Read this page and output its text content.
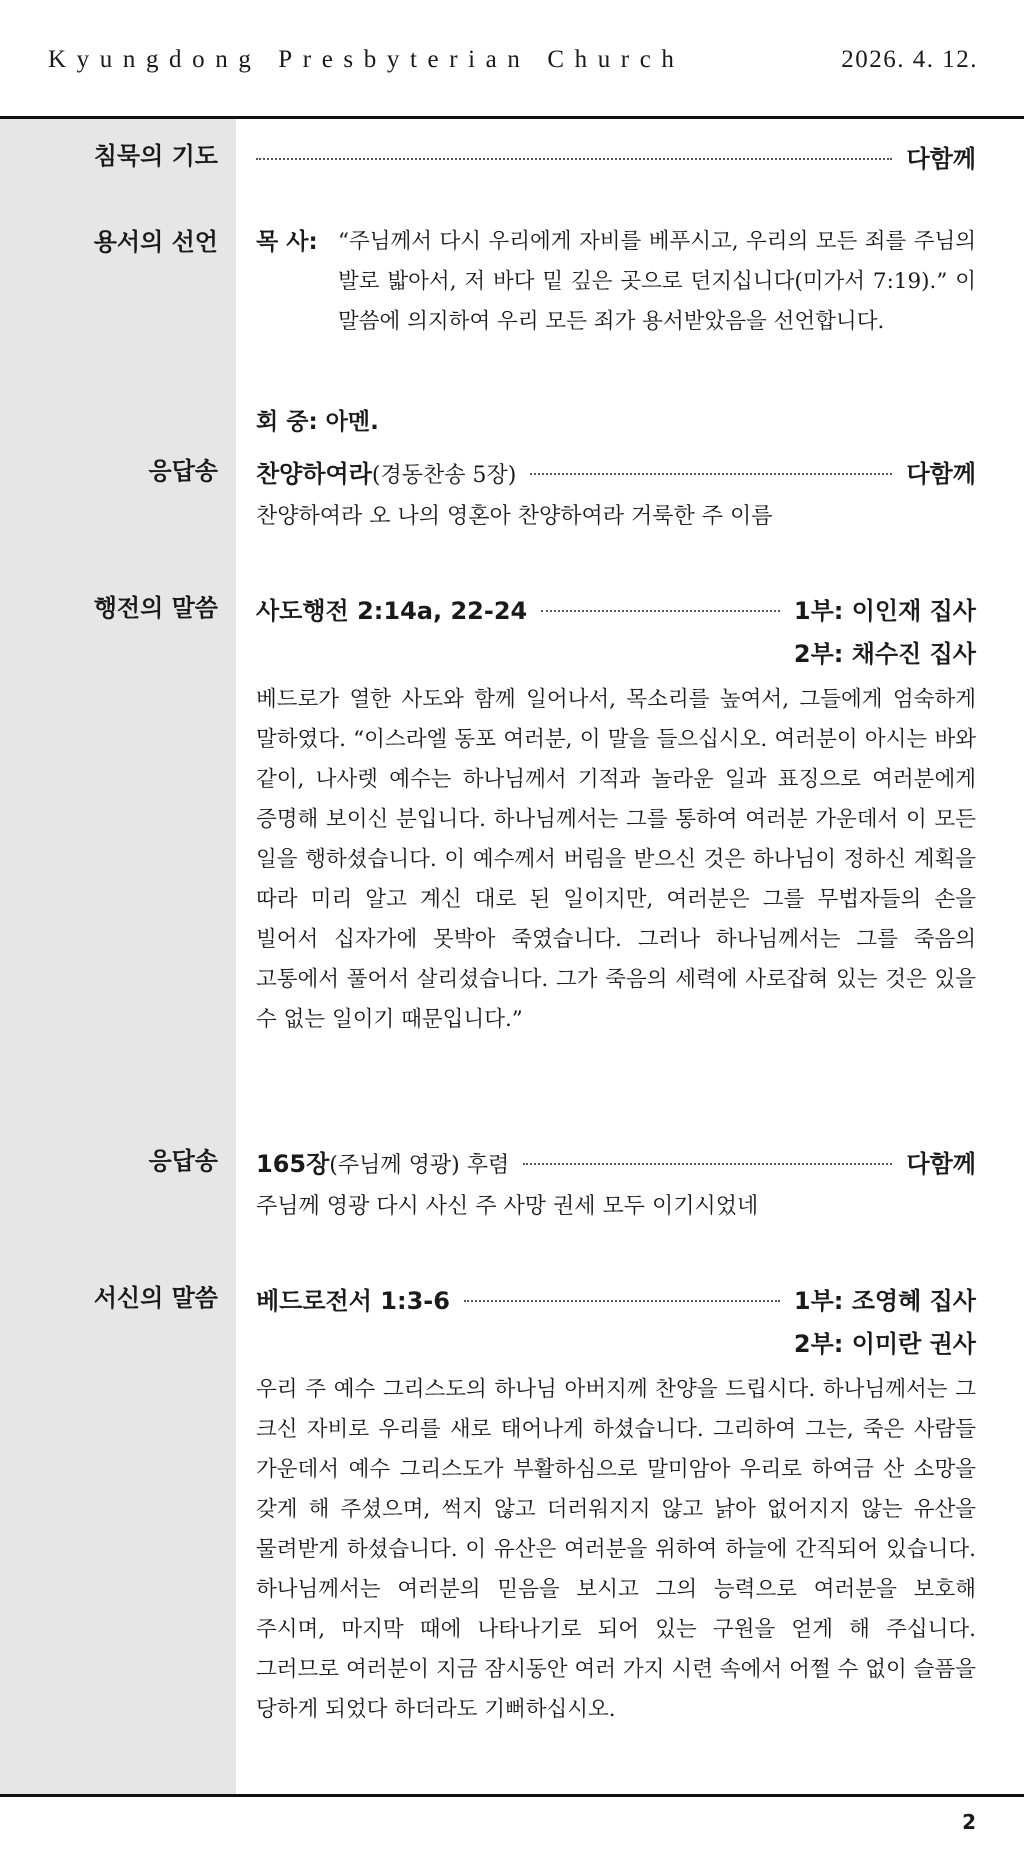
Kyungdong Presbyterian Church	2026. 4. 12.
침묵의 기도	다함께
용서의 선언 목 사: “주님께서 다시 우리에게 자비를 베푸시고, 우리의 모든 죄를 주님의 발로 밟아서, 저 바다 밑 깊은 곳으로 던지십니다(미가서 7:19).” 이 말씀에 의지하여 우리 모든 죄가 용서받았음을 선언합니다.
회 중: 아멘.
응답송 찬양하여라(경동찬송 5장)	다함께
찬양하여라 오 나의 영혼아 찬양하여라 거룩한 주 이름
행전의 말씀 사도행전 2:14a, 22-24	1부: 이인재 집사
2부: 채수진 집사
베드로가 열한 사도와 함께 일어나서, 목소리를 높여서, 그들에게 엄숙하게 말하였다. “이스라엘 동포 여러분, 이 말을 들으십시오. 여러분이 아시는 바와 같이, 나사렛 예수는 하나님께서 기적과 놀라운 일과 표징으로 여러분에게 증명해 보이신 분입니다. 하나님께서는 그를 통하여 여러분 가운데서 이 모든 일을 행하셨습니다. 이 예수께서 버림을 받으신 것은 하나님이 정하신 계획을 따라 미리 알고 계신 대로 된 일이지만, 여러분은 그를 무법자들의 손을 빌어서 십자가에 못박아 죽였습니다. 그러나 하나님께서는 그를 죽음의 고통에서 풀어서 살리셨습니다. 그가 죽음의 세력에 사로잡혀 있는 것은 있을 수 없는 일이기 때문입니다.”
응답송 165장(주님께 영광) 후렴	다함께
주님께 영광 다시 사신 주 사망 권세 모두 이기시었네
서신의 말씀 베드로전서 1:3-6	1부: 조영혜 집사
2부: 이미란 권사
우리 주 예수 그리스도의 하나님 아버지께 찬양을 드립시다. 하나님께서는 그 크신 자비로 우리를 새로 태어나게 하셨습니다. 그리하여 그는, 죽은 사람들 가운데서 예수 그리스도가 부활하심으로 말미암아 우리로 하여금 산 소망을 갖게 해 주셨으며, 썩지 않고 더러워지지 않고 낡아 없어지지 않는 유산을 물려받게 하셨습니다. 이 유산은 여러분을 위하여 하늘에 간직되어 있습니다. 하나님께서는 여러분의 믿음을 보시고 그의 능력으로 여러분을 보호해 주시며, 마지막 때에 나타나기로 되어 있는 구원을 얻게 해 주십니다. 그러므로 여러분이 지금 잠시동안 여러 가지 시련 속에서 어쩔 수 없이 슬픔을 당하게 되었다 하더라도 기뻐하십시오.
2
